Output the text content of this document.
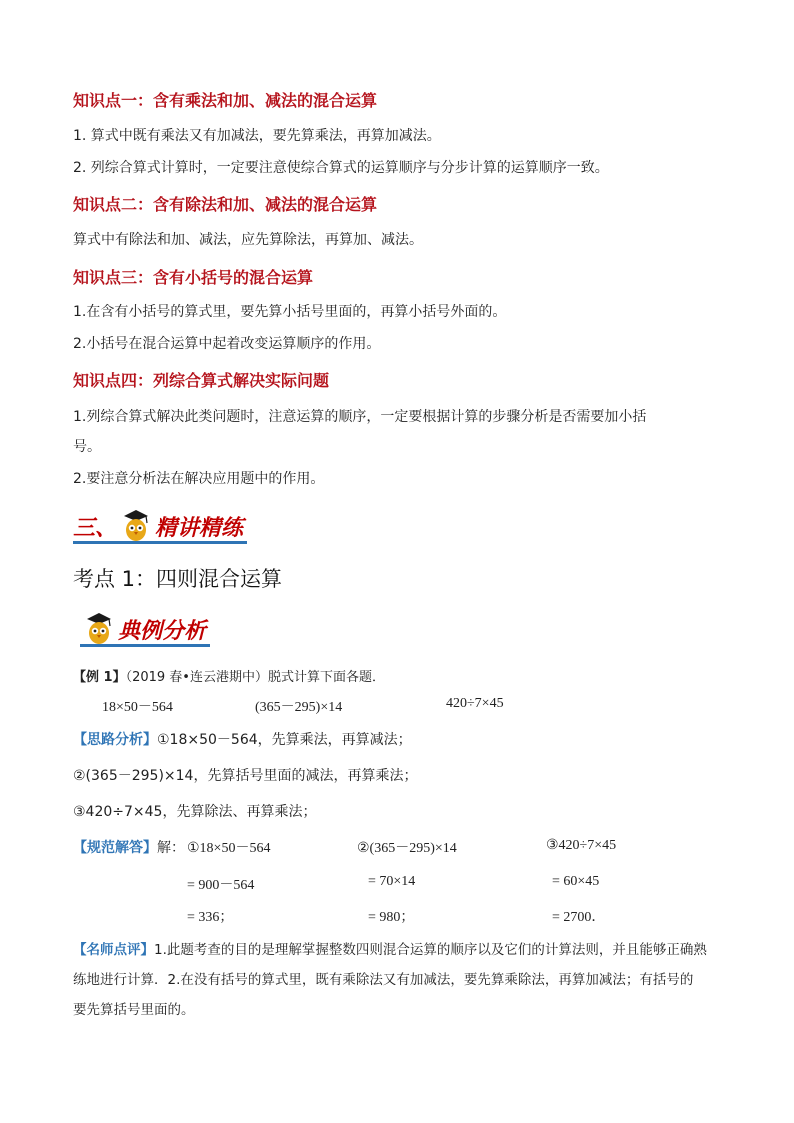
知识点一：含有乘法和加、减法的混合运算
1. 算式中既有乘法又有加减法，要先算乘法，再算加减法。
2. 列综合算式计算时，一定要注意使综合算式的运算顺序与分步计算的运算顺序一致。
知识点二：含有除法和加、减法的混合运算
算式中有除法和加、减法，应先算除法，再算加、减法。
知识点三：含有小括号的混合运算
1.在含有小括号的算式里，要先算小括号里面的，再算小括号外面的。
2.小括号在混合运算中起着改变运算顺序的作用。
知识点四：列综合算式解决实际问题
1.列综合算式解决此类问题时，注意运算的顺序，一定要根据计算的步骤分析是否需要加小括
号。
2.要注意分析法在解决应用题中的作用。
三、 精讲精练
考点 1：四则混合运算
典例分析
【例 1】（2019 春•连云港期中）脱式计算下面各题．
18×50－564	(365－295)×14	420÷7×45
【思路分析】①18×50－564，先算乘法，再算减法；
②(365－295)×14，先算括号里面的减法，再算乘法；
③420÷7×45，先算除法、再算乘法；
【规范解答】解： ①18×50－564
= 900－564
= 336；
②(365－295)×14
= 70×14
= 980；
③420÷7×45
= 60×45
= 2700．
【名师点评】1.此题考查的目的是理解掌握整数四则混合运算的顺序以及它们的计算法则，并且能够正确熟
练地进行计算．2.在没有括号的算式里，既有乘除法又有加减法，要先算乘除法，再算加减法；有括号的
要先算括号里面的。
